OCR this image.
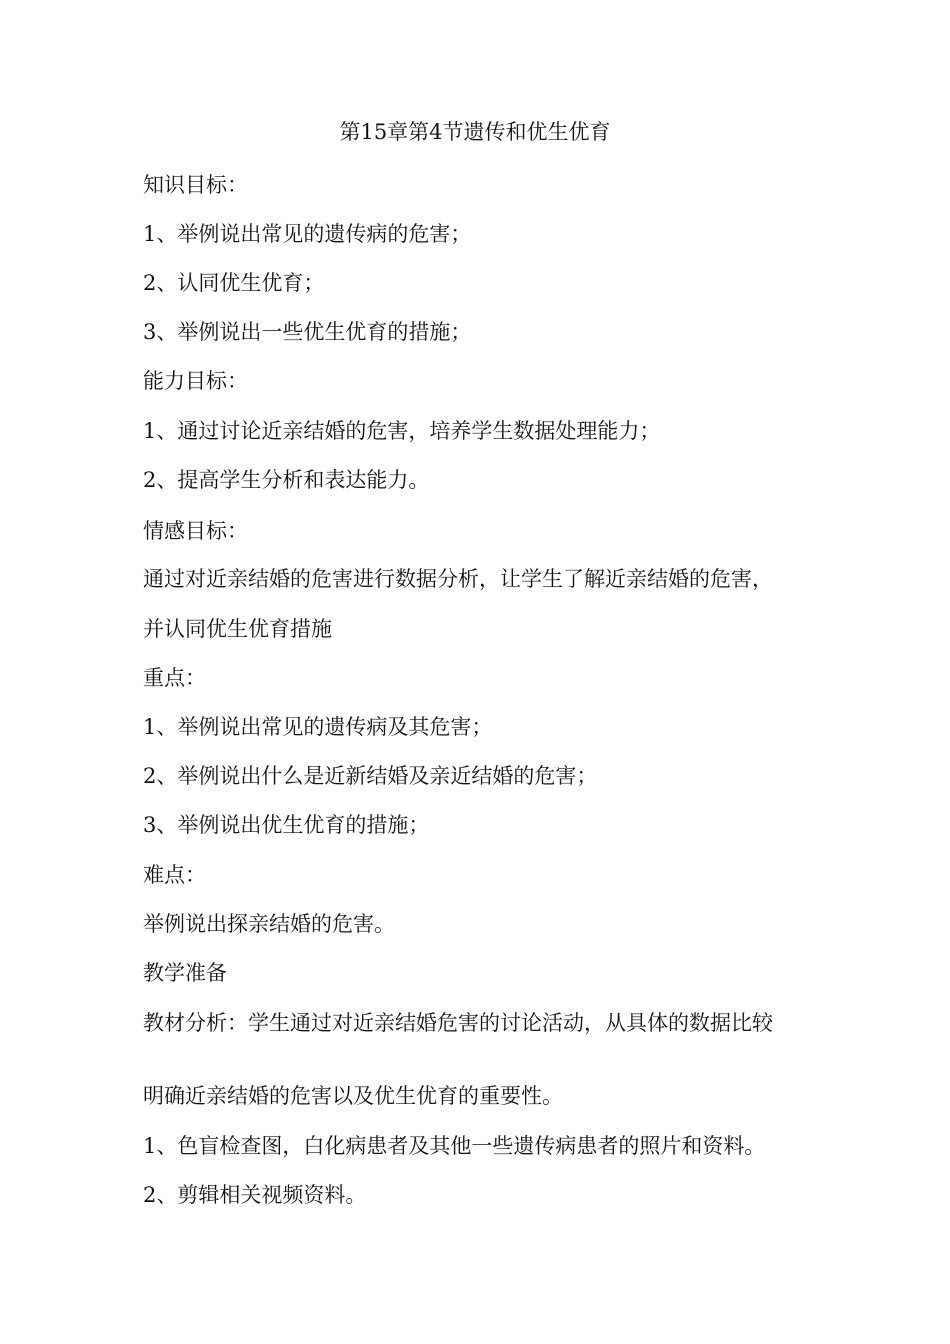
第15章第4节遗传和优生优育
知识目标：
1、举例说出常见的遗传病的危害；
2、认同优生优育；
3、举例说出一些优生优育的措施；
能力目标：
1、通过讨论近亲结婚的危害，培养学生数据处理能力；
2、提高学生分析和表达能力。
情感目标：
通过对近亲结婚的危害进行数据分析，让学生了解近亲结婚的危害，
并认同优生优育措施
重点：
1、举例说出常见的遗传病及其危害；
2、举例说出什么是近新结婚及亲近结婚的危害；
3、举例说出优生优育的措施；
难点：
举例说出探亲结婚的危害。
教学准备
教材分析：学生通过对近亲结婚危害的讨论活动，从具体的数据比较
明确近亲结婚的危害以及优生优育的重要性。
1、色盲检查图，白化病患者及其他一些遗传病患者的照片和资料。
2、剪辑相关视频资料。
